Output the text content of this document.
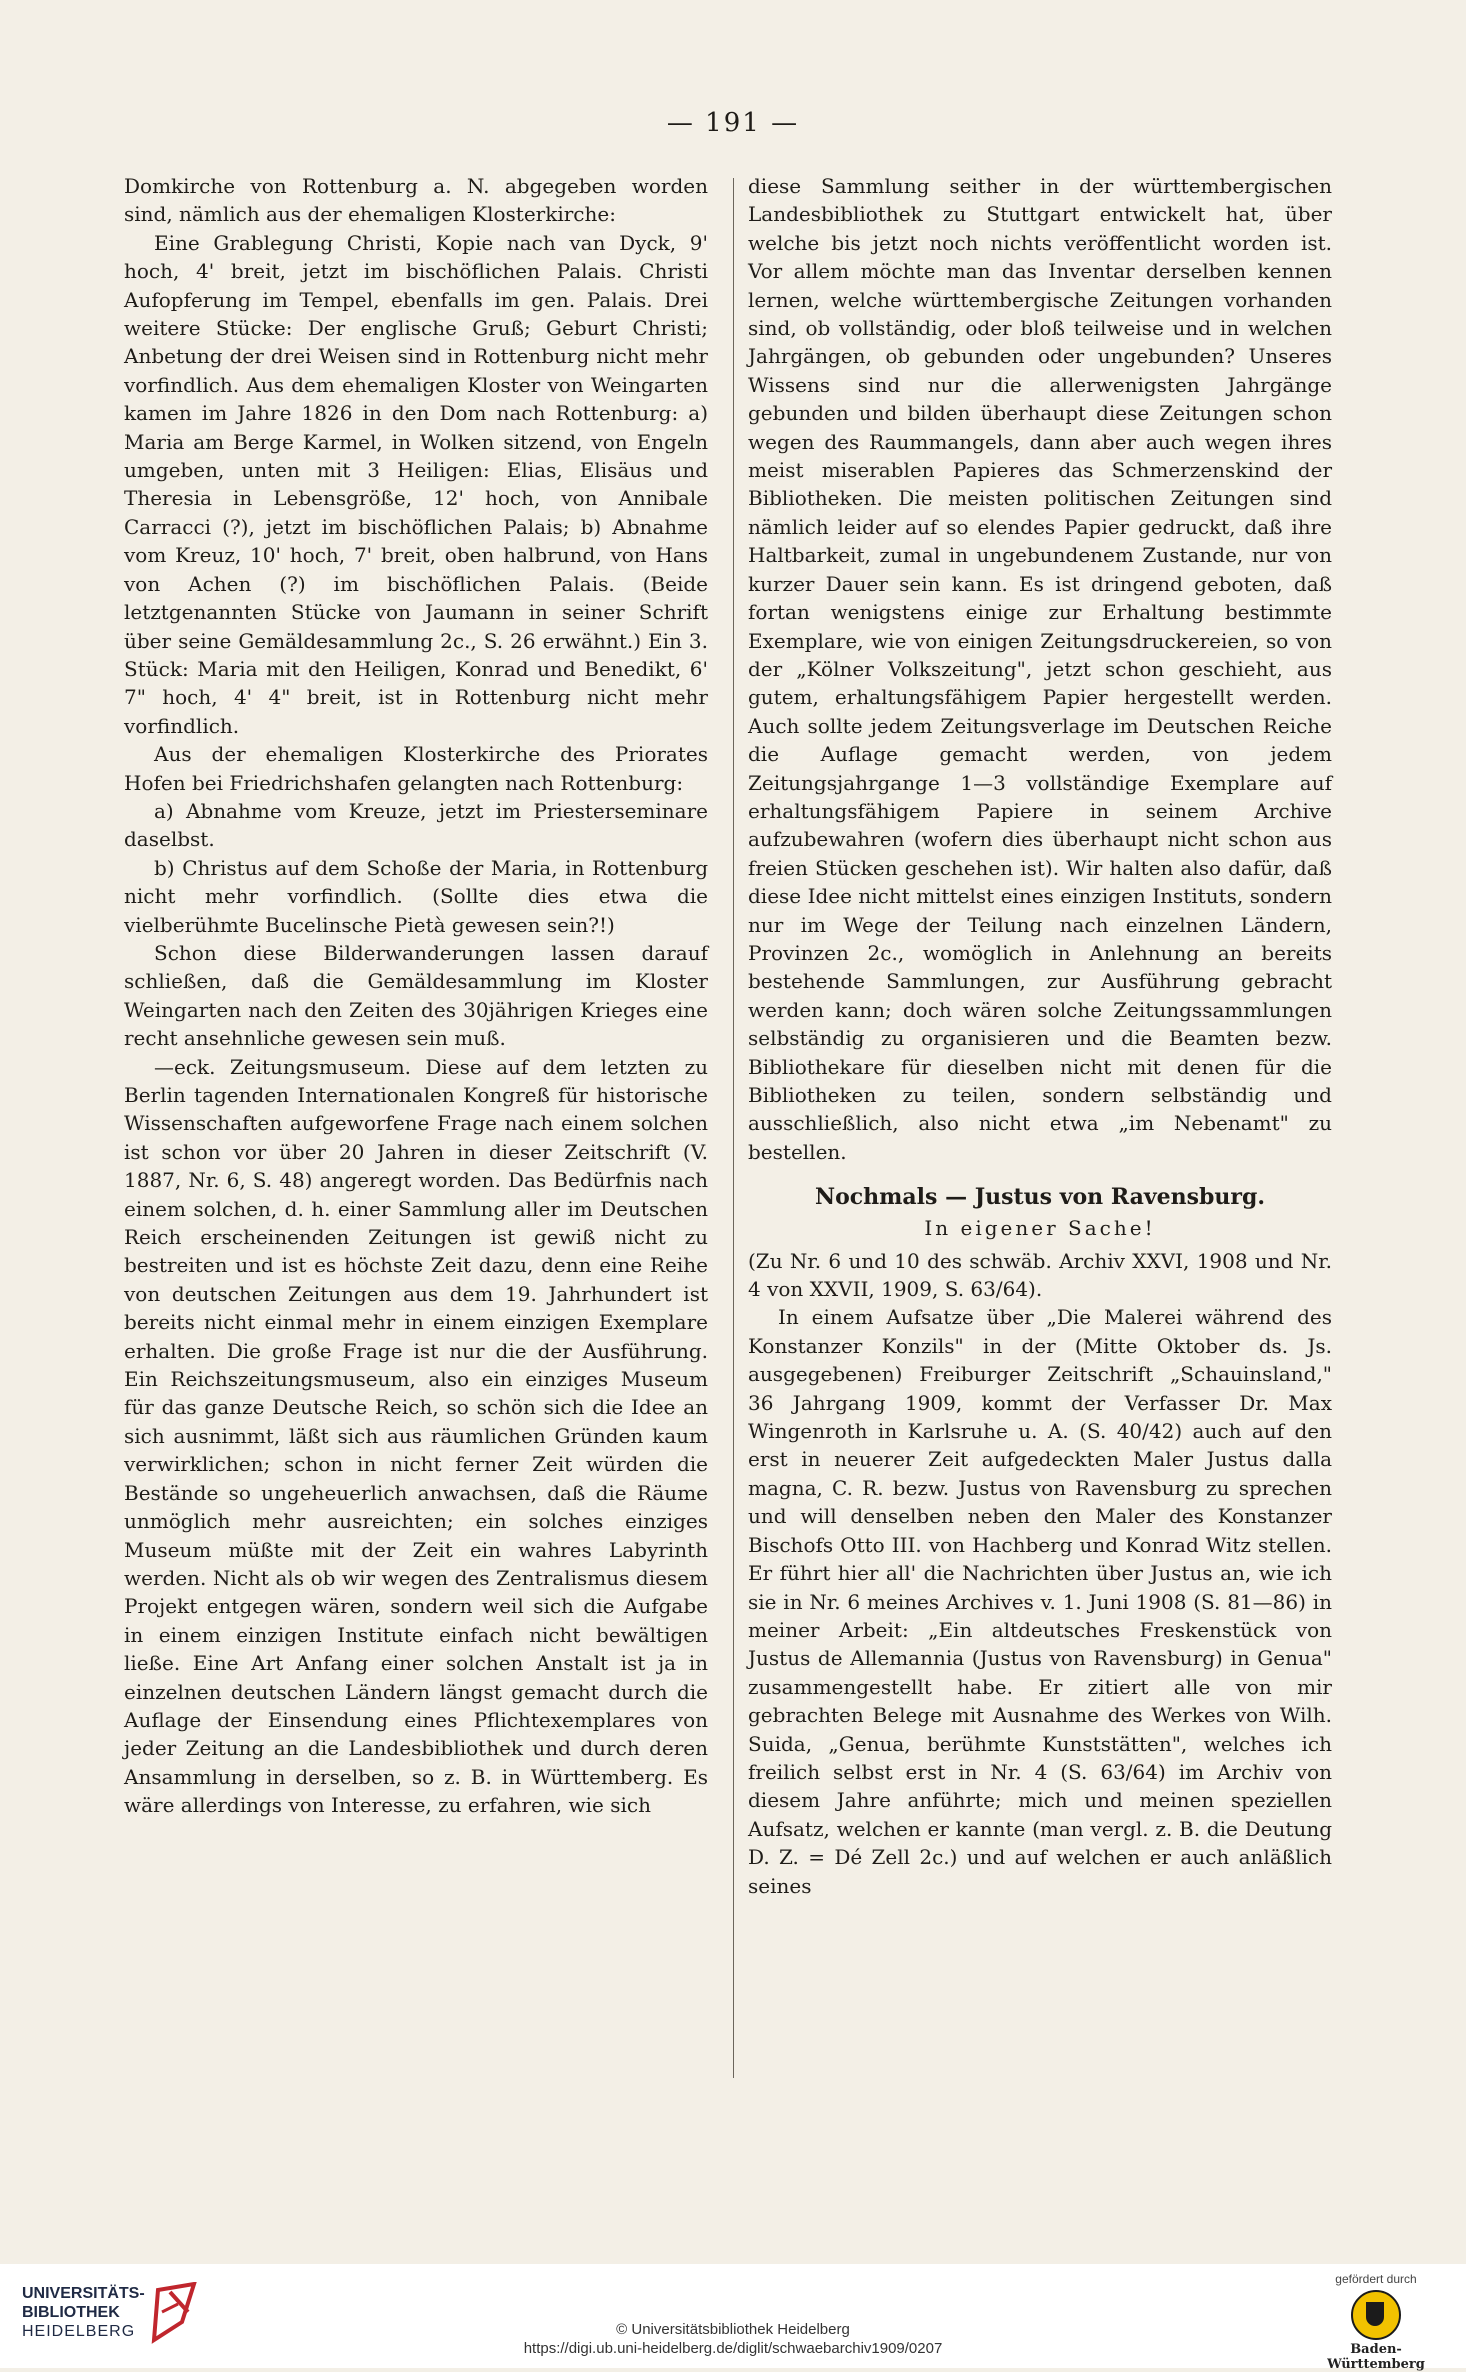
— 191 —

Domkirche von Rottenburg a. N. abgegeben worden sind, nämlich aus der ehemaligen Klosterkirche:

Eine Grablegung Christi, Kopie nach van Dyck, 9' hoch, 4' breit, jetzt im bischöflichen Palais. Christi Aufopferung im Tempel, ebenfalls im gen. Palais. Drei weitere Stücke: Der englische Gruß; Geburt Christi; Anbetung der drei Weisen sind in Rottenburg nicht mehr vorfindlich. Aus dem ehemaligen Kloster von Weingarten kamen im Jahre 1826 in den Dom nach Rottenburg: a) Maria am Berge Karmel, in Wolken sitzend, von Engeln umgeben, unten mit 3 Heiligen: Elias, Elisäus und Theresia in Lebensgröße, 12' hoch, von Annibale Carracci (?), jetzt im bischöflichen Palais; b) Abnahme vom Kreuz, 10' hoch, 7' breit, oben halbrund, von Hans von Achen (?) im bischöflichen Palais. (Beide letztgenannten Stücke von Jaumann in seiner Schrift über seine Gemäldesammlung 2c., S. 26 erwähnt.) Ein 3. Stück: Maria mit den Heiligen, Konrad und Benedikt, 6' 7" hoch, 4' 4" breit, ist in Rottenburg nicht mehr vorfindlich.

Aus der ehemaligen Klosterkirche des Priorates Hofen bei Friedrichshafen gelangten nach Rottenburg:

a) Abnahme vom Kreuze, jetzt im Priesterseminare daselbst.

b) Christus auf dem Schoße der Maria, in Rottenburg nicht mehr vorfindlich. (Sollte dies etwa die vielberühmte Bucelinsche Pietà gewesen sein?!)

Schon diese Bilderwanderungen lassen darauf schließen, daß die Gemäldesammlung im Kloster Weingarten nach den Zeiten des 30jährigen Krieges eine recht ansehnliche gewesen sein muß.

—eck. Zeitungsmuseum. Diese auf dem letzten zu Berlin tagenden Internationalen Kongreß für historische Wissenschaften aufgeworfene Frage nach einem solchen ist schon vor über 20 Jahren in dieser Zeitschrift (V. 1887, Nr. 6, S. 48) angeregt worden. Das Bedürfnis nach einem solchen, d. h. einer Sammlung aller im Deutschen Reich erscheinenden Zeitungen ist gewiß nicht zu bestreiten und ist es höchste Zeit dazu, denn eine Reihe von deutschen Zeitungen aus dem 19. Jahrhundert ist bereits nicht einmal mehr in einem einzigen Exemplare erhalten. Die große Frage ist nur die der Ausführung. Ein Reichszeitungsmuseum, also ein einziges Museum für das ganze Deutsche Reich, so schön sich die Idee an sich ausnimmt, läßt sich aus räumlichen Gründen kaum verwirklichen; schon in nicht ferner Zeit würden die Bestände so ungeheuerlich anwachsen, daß die Räume unmöglich mehr ausreichten; ein solches einziges Museum müßte mit der Zeit ein wahres Labyrinth werden. Nicht als ob wir wegen des Zentralismus diesem Projekt entgegen wären, sondern weil sich die Aufgabe in einem einzigen Institute einfach nicht bewältigen ließe. Eine Art Anfang einer solchen Anstalt ist ja in einzelnen deutschen Ländern längst gemacht durch die Auflage der Einsendung eines Pflichtexemplares von jeder Zeitung an die Landesbibliothek und durch deren Ansammlung in derselben, so z. B. in Württemberg. Es wäre allerdings von Interesse, zu erfahren, wie sich

diese Sammlung seither in der württembergischen Landesbibliothek zu Stuttgart entwickelt hat, über welche bis jetzt noch nichts veröffentlicht worden ist. Vor allem möchte man das Inventar derselben kennen lernen, welche württembergische Zeitungen vorhanden sind, ob vollständig, oder bloß teilweise und in welchen Jahrgängen, ob gebunden oder ungebunden? Unseres Wissens sind nur die allerwenigsten Jahrgänge gebunden und bilden überhaupt diese Zeitungen schon wegen des Raummangels, dann aber auch wegen ihres meist miserablen Papieres das Schmerzenskind der Bibliotheken. Die meisten politischen Zeitungen sind nämlich leider auf so elendes Papier gedruckt, daß ihre Haltbarkeit, zumal in ungebundenem Zustande, nur von kurzer Dauer sein kann. Es ist dringend geboten, daß fortan wenigstens einige zur Erhaltung bestimmte Exemplare, wie von einigen Zeitungsdruckereien, so von der „Kölner Volkszeitung", jetzt schon geschieht, aus gutem, erhaltungsfähigem Papier hergestellt werden. Auch sollte jedem Zeitungsverlage im Deutschen Reiche die Auflage gemacht werden, von jedem Zeitungsjahrgange 1—3 vollständige Exemplare auf erhaltungsfähigem Papiere in seinem Archive aufzubewahren (wofern dies überhaupt nicht schon aus freien Stücken geschehen ist). Wir halten also dafür, daß diese Idee nicht mittelst eines einzigen Instituts, sondern nur im Wege der Teilung nach einzelnen Ländern, Provinzen 2c., womöglich in Anlehnung an bereits bestehende Sammlungen, zur Ausführung gebracht werden kann; doch wären solche Zeitungssammlungen selbständig zu organisieren und die Beamten bezw. Bibliothekare für dieselben nicht mit denen für die Bibliotheken zu teilen, sondern selbständig und ausschließlich, also nicht etwa „im Nebenamt" zu bestellen.

Nochmals — Justus von Ravensburg.

In eigener Sache!

(Zu Nr. 6 und 10 des schwäb. Archiv XXVI, 1908 und Nr. 4 von XXVII, 1909, S. 63/64).

In einem Aufsatze über „Die Malerei während des Konstanzer Konzils" in der (Mitte Oktober ds. Js. ausgegebenen) Freiburger Zeitschrift „Schauinsland," 36 Jahrgang 1909, kommt der Verfasser Dr. Max Wingenroth in Karlsruhe u. A. (S. 40/42) auch auf den erst in neuerer Zeit aufgedeckten Maler Justus dalla magna, C. R. bezw. Justus von Ravensburg zu sprechen und will denselben neben den Maler des Konstanzer Bischofs Otto III. von Hachberg und Konrad Witz stellen. Er führt hier all' die Nachrichten über Justus an, wie ich sie in Nr. 6 meines Archives v. 1. Juni 1908 (S. 81—86) in meiner Arbeit: „Ein altdeutsches Freskenstück von Justus de Allemannia (Justus von Ravensburg) in Genua" zusammengestellt habe. Er zitiert alle von mir gebrachten Belege mit Ausnahme des Werkes von Wilh. Suida, „Genua, berühmte Kunststätten", welches ich freilich selbst erst in Nr. 4 (S. 63/64) im Archiv von diesem Jahre anführte; mich und meinen speziellen Aufsatz, welchen er kannte (man vergl. z. B. die Deutung D. Z. = Dé Zell 2c.) und auf welchen er auch anläßlich seines

UNIVERSITÄTS-
BIBLIOTHEK
HEIDELBERG	© Universitätsbibliothek Heidelberg
https://digi.ub.uni-heidelberg.de/diglit/schwaebarchiv1909/0207
gefördert durch
Baden-Württemberg
